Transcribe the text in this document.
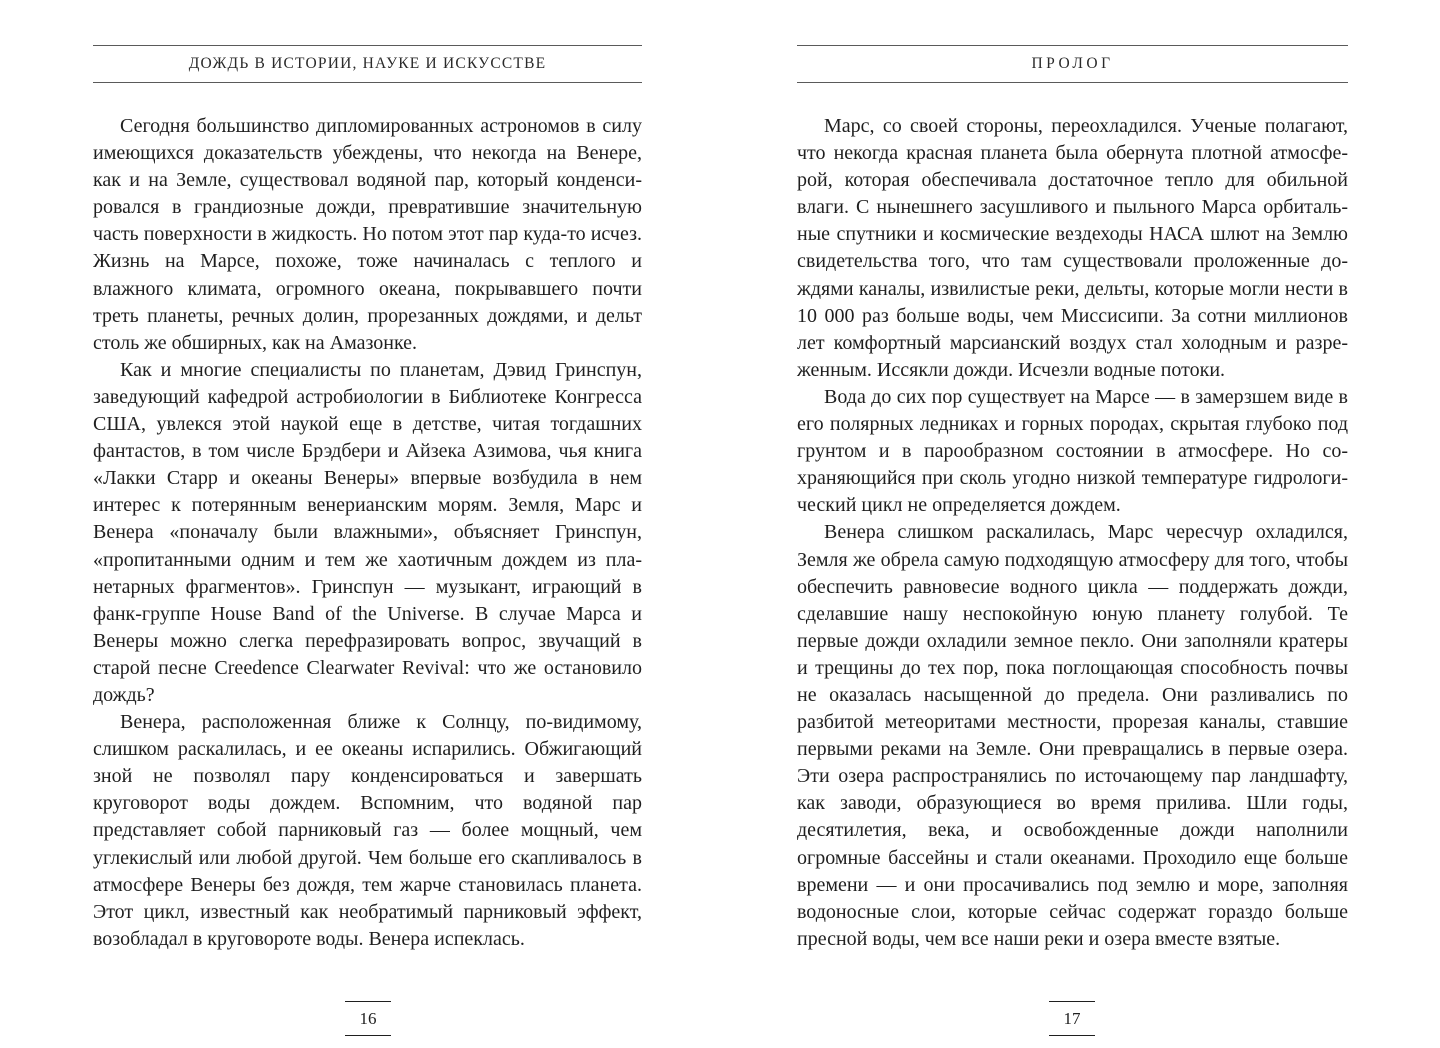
ДОЖДЬ В ИСТОРИИ, НАУКЕ И ИСКУССТВЕ

Сегодня большинство дипломированных астрономов в силу имеющихся доказательств убеждены, что некогда на Венере, как и на Земле, существовал водяной пар, который конденсировался в грандиозные дожди, превратившие значительную часть поверхности в жидкость. Но потом этот пар куда-то исчез. Жизнь на Марсе, похоже, тоже начиналась с теплого и влажного климата, огромного океана, покрывавшего почти треть планеты, речных долин, прорезанных дождями, и дельт столь же обширных, как на Амазонке.

Как и многие специалисты по планетам, Дэвид Гринспун, заведующий кафедрой астробиологии в Библиотеке Конгресса США, увлекся этой наукой еще в детстве, читая тогдашних фантастов, в том числе Брэдбери и Айзека Азимова, чья книга «Лакки Старр и океаны Венеры» впервые возбудила в нем интерес к потерянным венерианским морям. Земля, Марс и Венера «поначалу были влажными», объясняет Гринспун, «пропитанными одним и тем же хаотичным дождем из планетарных фрагментов». Гринспун — музыкант, играющий в фанк-группе House Band of the Universe. В случае Марса и Венеры можно слегка перефразировать вопрос, звучащий в старой песне Creedence Clearwater Revival: что же остановило дождь?

Венера, расположенная ближе к Солнцу, по-видимому, слишком раскалилась, и ее океаны испарились. Обжигающий зной не позволял пару конденсироваться и завершать круговорот воды дождем. Вспомним, что водяной пар представляет собой парниковый газ — более мощный, чем углекислый или любой другой. Чем больше его скапливалось в атмосфере Венеры без дождя, тем жарче становилась планета. Этот цикл, известный как необратимый парниковый эффект, возобладал в круговороте воды. Венера испеклась.

16
ПРОЛОГ

Марс, со своей стороны, переохладился. Ученые полагают, что некогда красная планета была обернута плотной атмосферой, которая обеспечивала достаточное тепло для обильной влаги. С нынешнего засушливого и пыльного Марса орбитальные спутники и космические вездеходы НАСА шлют на Землю свидетельства того, что там существовали проложенные дождями каналы, извилистые реки, дельты, которые могли нести в 10 000 раз больше воды, чем Миссисипи. За сотни миллионов лет комфортный марсианский воздух стал холодным и разреженным. Иссякли дожди. Исчезли водные потоки.

Вода до сих пор существует на Марсе — в замерзшем виде в его полярных ледниках и горных породах, скрытая глубоко под грунтом и в парообразном состоянии в атмосфере. Но сохраняющийся при сколь угодно низкой температуре гидрологический цикл не определяется дождем.

Венера слишком раскалилась, Марс чересчур охладился, Земля же обрела самую подходящую атмосферу для того, чтобы обеспечить равновесие водного цикла — поддержать дожди, сделавшие нашу неспокойную юную планету голубой. Те первые дожди охладили земное пекло. Они заполняли кратеры и трещины до тех пор, пока поглощающая способность почвы не оказалась насыщенной до предела. Они разливались по разбитой метеоритами местности, прорезая каналы, ставшие первыми реками на Земле. Они превращались в первые озера. Эти озера распространялись по источающему пар ландшафту, как заводи, образующиеся во время прилива. Шли годы, десятилетия, века, и освобожденные дожди наполнили огромные бассейны и стали океанами. Проходило еще больше времени — и они просачивались под землю и море, заполняя водоносные слои, которые сейчас содержат гораздо больше пресной воды, чем все наши реки и озера вместе взятые.

17
